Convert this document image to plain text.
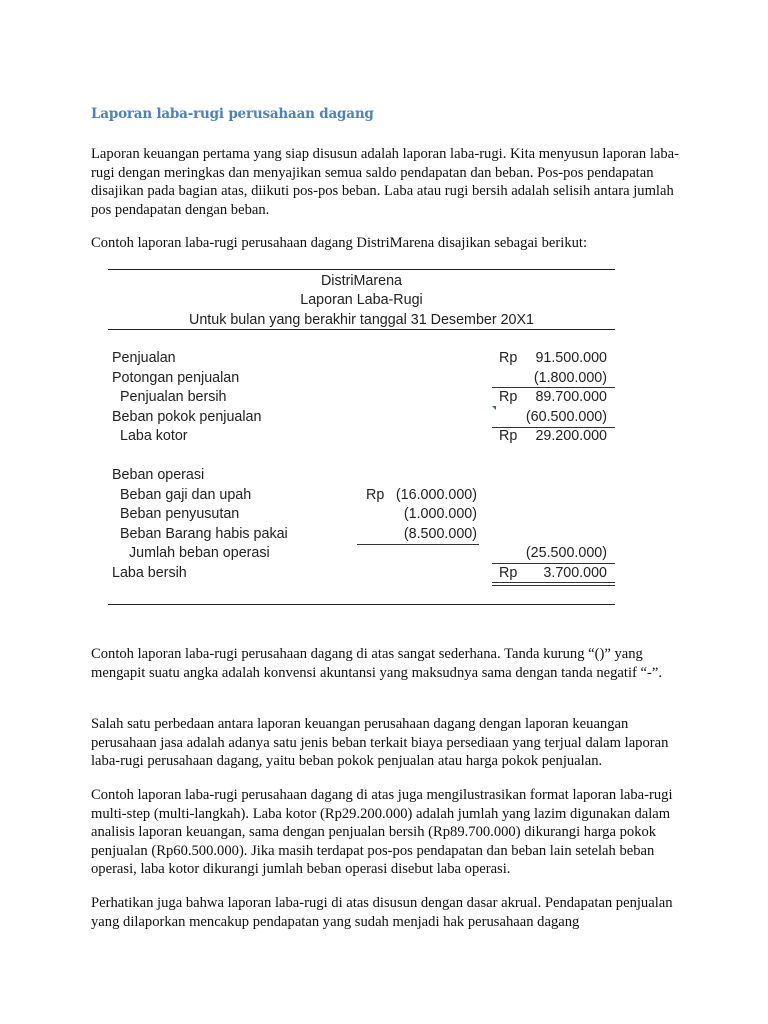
Laporan laba-rugi perusahaan dagang
Laporan keuangan pertama yang siap disusun adalah laporan laba-rugi. Kita menyusun laporan laba-rugi dengan meringkas dan menyajikan semua saldo pendapatan dan beban. Pos-pos pendapatan disajikan pada bagian atas, diikuti pos-pos beban. Laba atau rugi bersih adalah selisih antara jumlah pos pendapatan dengan beban.
Contoh laporan laba-rugi perusahaan dagang DistriMarena disajikan sebagai berikut:
DistriMarena
Laporan Laba-Rugi
Untuk bulan yang berakhir tanggal 31 Desember 20X1
Penjualan	Rp 91.500.000
Potongan penjualan	(1.800.000)
Penjualan bersih	Rp 89.700.000
Beban pokok penjualan	(60.500.000)
Laba kotor	Rp 29.200.000
Beban operasi
Beban gaji dan upah	Rp (16.000.000)
Beban penyusutan	(1.000.000)
Beban Barang habis pakai	(8.500.000)
Jumlah beban operasi	(25.500.000)
Laba bersih	Rp 3.700.000
Contoh laporan laba-rugi perusahaan dagang di atas sangat sederhana. Tanda kurung “()” yang mengapit suatu angka adalah konvensi akuntansi yang maksudnya sama dengan tanda negatif “-”.
Salah satu perbedaan antara laporan keuangan perusahaan dagang dengan laporan keuangan perusahaan jasa adalah adanya satu jenis beban terkait biaya persediaan yang terjual dalam laporan laba-rugi perusahaan dagang, yaitu beban pokok penjualan atau harga pokok penjualan.
Contoh laporan laba-rugi perusahaan dagang di atas juga mengilustrasikan format laporan laba-rugi multi-step (multi-langkah). Laba kotor (Rp29.200.000) adalah jumlah yang lazim digunakan dalam analisis laporan keuangan, sama dengan penjualan bersih (Rp89.700.000) dikurangi harga pokok penjualan (Rp60.500.000). Jika masih terdapat pos-pos pendapatan dan beban lain setelah beban operasi, laba kotor dikurangi jumlah beban operasi disebut laba operasi.
Perhatikan juga bahwa laporan laba-rugi di atas disusun dengan dasar akrual. Pendapatan penjualan yang dilaporkan mencakup pendapatan yang sudah menjadi hak perusahaan dagang
